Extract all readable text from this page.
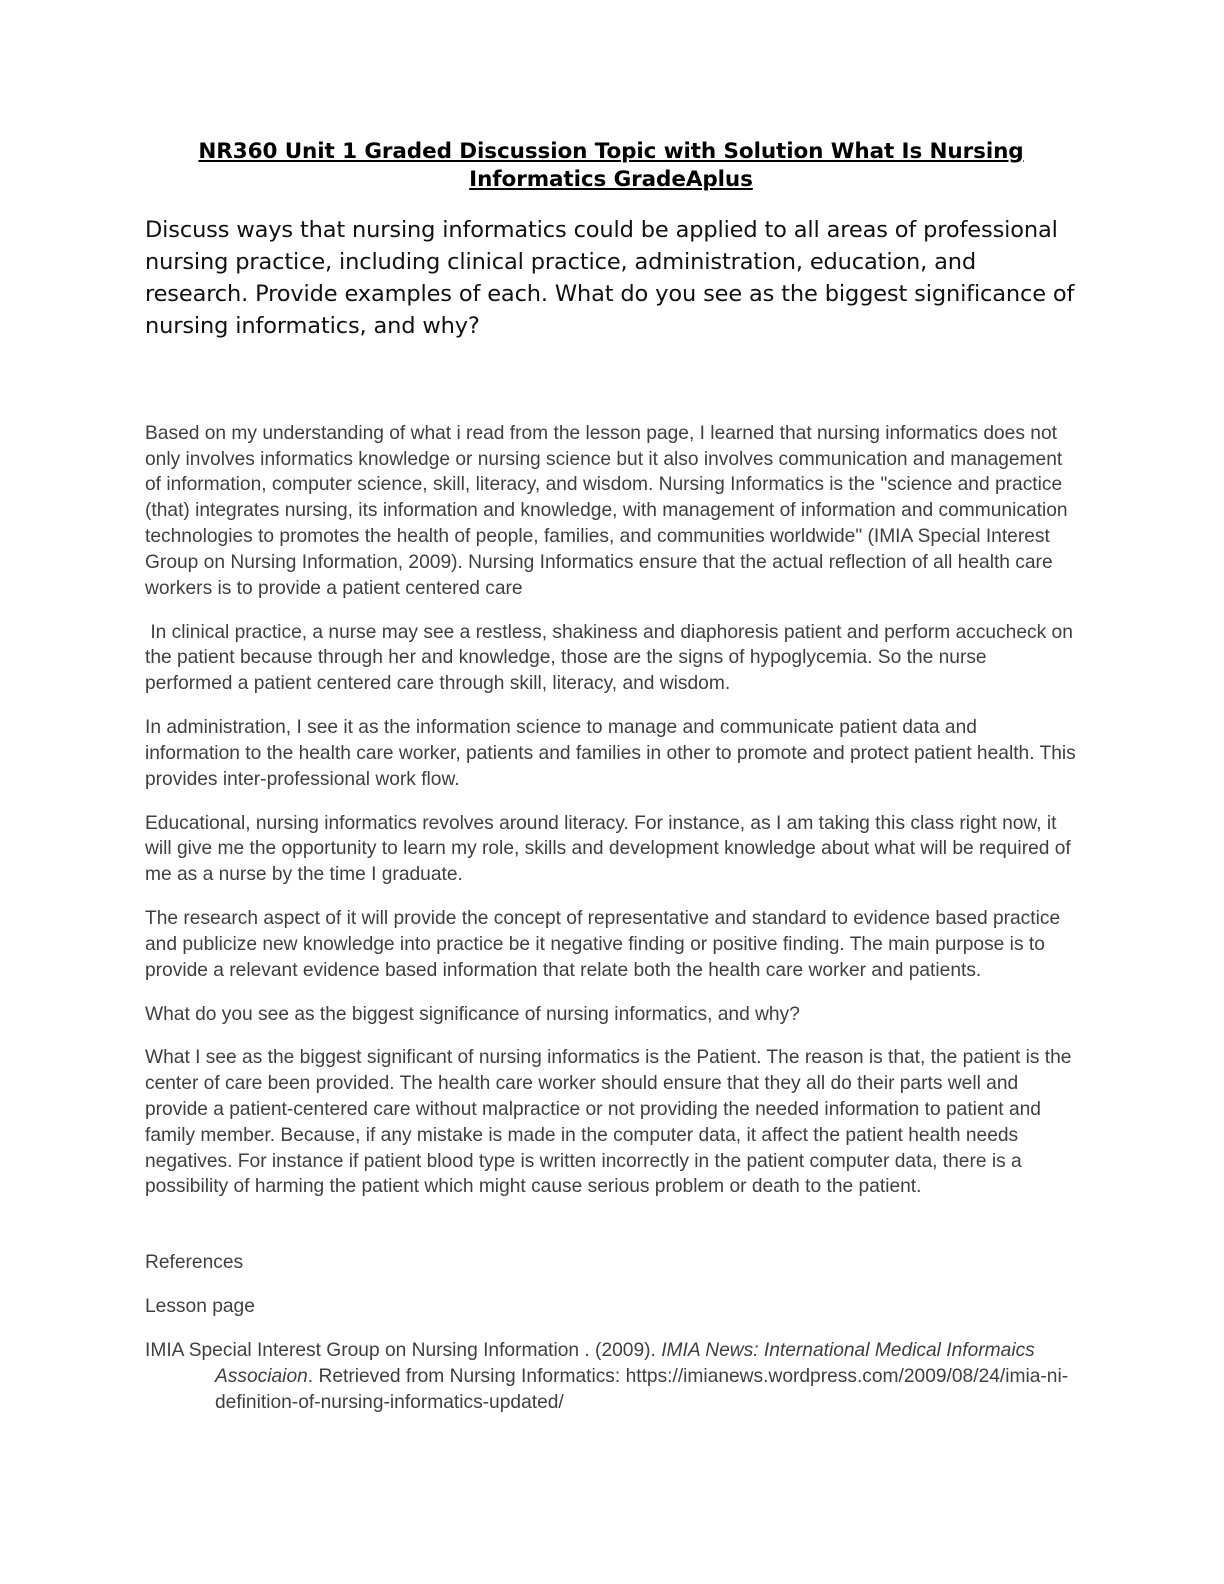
NR360 Unit 1 Graded Discussion Topic with Solution What Is Nursing Informatics GradeAplus

Discuss ways that nursing informatics could be applied to all areas of professional nursing practice, including clinical practice, administration, education, and research. Provide examples of each. What do you see as the biggest significance of nursing informatics, and why?

Based on my understanding of what i read from the lesson page, I learned that nursing informatics does not only involves informatics knowledge or nursing science but it also involves communication and management of information, computer science, skill, literacy, and wisdom. Nursing Informatics is the "science and practice (that) integrates nursing, its information and knowledge, with management of information and communication technologies to promotes the health of people, families, and communities worldwide" (IMIA Special Interest Group on Nursing Information, 2009). Nursing Informatics ensure that the actual reflection of all health care workers is to provide a patient centered care

In clinical practice, a nurse may see a restless, shakiness and diaphoresis patient and perform accucheck on the patient because through her and knowledge, those are the signs of hypoglycemia. So the nurse performed a patient centered care through skill, literacy, and wisdom.

In administration, I see it as the information science to manage and communicate patient data and information to the health care worker, patients and families in other to promote and protect patient health. This provides inter-professional work flow.

Educational, nursing informatics revolves around literacy. For instance, as I am taking this class right now, it will give me the opportunity to learn my role, skills and development knowledge about what will be required of me as a nurse by the time I graduate.

The research aspect of it will provide the concept of representative and standard to evidence based practice and publicize new knowledge into practice be it negative finding or positive finding. The main purpose is to provide a relevant evidence based information that relate both the health care worker and patients.

What do you see as the biggest significance of nursing informatics, and why?

What I see as the biggest significant of nursing informatics is the Patient. The reason is that, the patient is the center of care been provided. The health care worker should ensure that they all do their parts well and provide a patient-centered care without malpractice or not providing the needed information to patient and family member. Because, if any mistake is made in the computer data, it affect the patient health needs negatives. For instance if patient blood type is written incorrectly in the patient computer data, there is a possibility of harming the patient which might cause serious problem or death to the patient.

References

Lesson page

IMIA Special Interest Group on Nursing Information . (2009). IMIA News: International Medical Informaics Associaion. Retrieved from Nursing Informatics: https://imianews.wordpress.com/2009/08/24/imia-ni-definition-of-nursing-informatics-updated/
